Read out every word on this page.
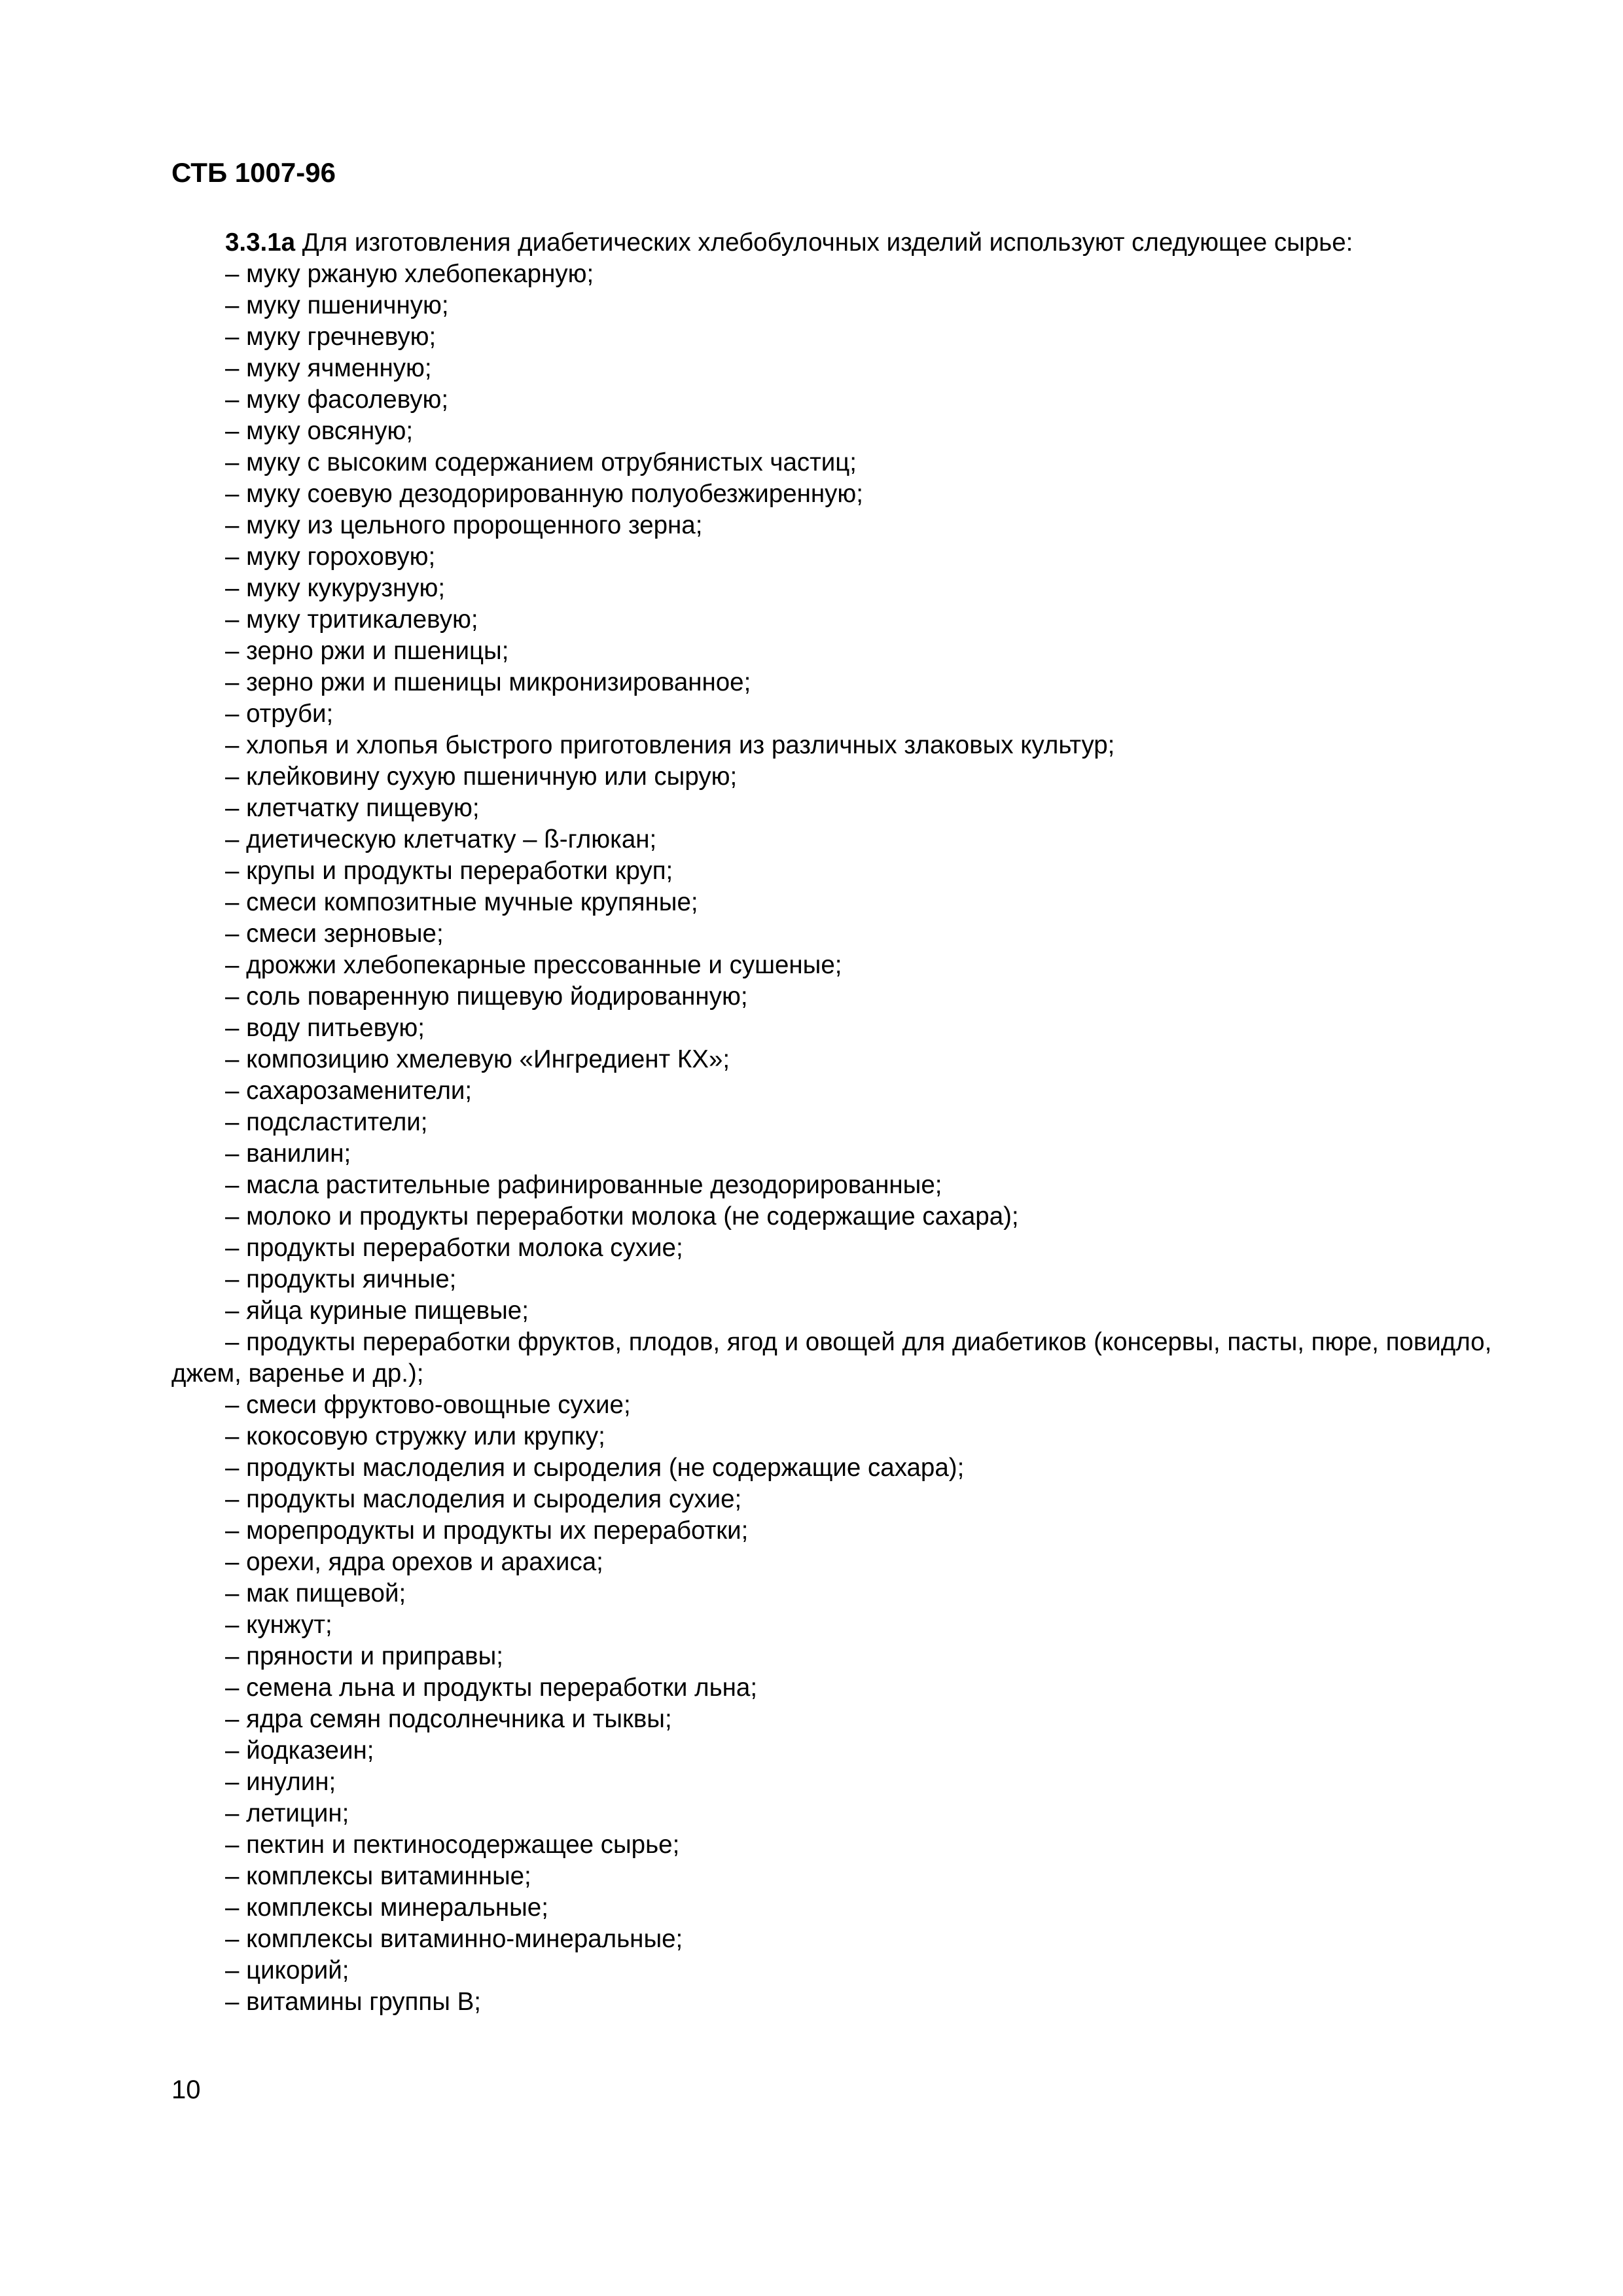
СТБ 1007-96
3.3.1а Для изготовления диабетических хлебобулочных изделий используют следующее сырье:
– муку ржаную хлебопекарную;
– муку пшеничную;
– муку гречневую;
– муку ячменную;
– муку фасолевую;
– муку овсяную;
– муку с высоким содержанием отрубянистых частиц;
– муку соевую дезодорированную полуобезжиренную;
– муку из цельного пророщенного зерна;
– муку гороховую;
– муку кукурузную;
– муку тритикалевую;
– зерно ржи и пшеницы;
– зерно ржи и пшеницы микронизированное;
– отруби;
– хлопья и хлопья быстрого приготовления из различных злаковых культур;
– клейковину сухую пшеничную или сырую;
– клетчатку пищевую;
– диетическую клетчатку – ß-глюкан;
– крупы и продукты переработки круп;
– смеси композитные мучные крупяные;
– смеси зерновые;
– дрожжи хлебопекарные прессованные и сушеные;
– соль поваренную пищевую йодированную;
– воду питьевую;
– композицию хмелевую «Ингредиент КХ»;
– сахарозаменители;
– подсластители;
– ванилин;
– масла растительные рафинированные дезодорированные;
– молоко и продукты переработки молока (не содержащие сахара);
– продукты переработки молока сухие;
– продукты яичные;
– яйца куриные пищевые;
– продукты переработки фруктов, плодов, ягод и овощей для диабетиков (консервы, пасты, пюре, повидло, джем, варенье и др.);
– смеси фруктово-овощные сухие;
– кокосовую стружку или крупку;
– продукты маслоделия и сыроделия (не содержащие сахара);
– продукты маслоделия и сыроделия сухие;
– морепродукты и продукты их переработки;
– орехи, ядра орехов и арахиса;
– мак пищевой;
– кунжут;
– пряности и приправы;
– семена льна и продукты переработки льна;
– ядра семян подсолнечника и тыквы;
– йодказеин;
– инулин;
– летицин;
– пектин и пектиносодержащее сырье;
– комплексы витаминные;
– комплексы минеральные;
– комплексы витаминно-минеральные;
– цикорий;
– витамины группы В;
10
